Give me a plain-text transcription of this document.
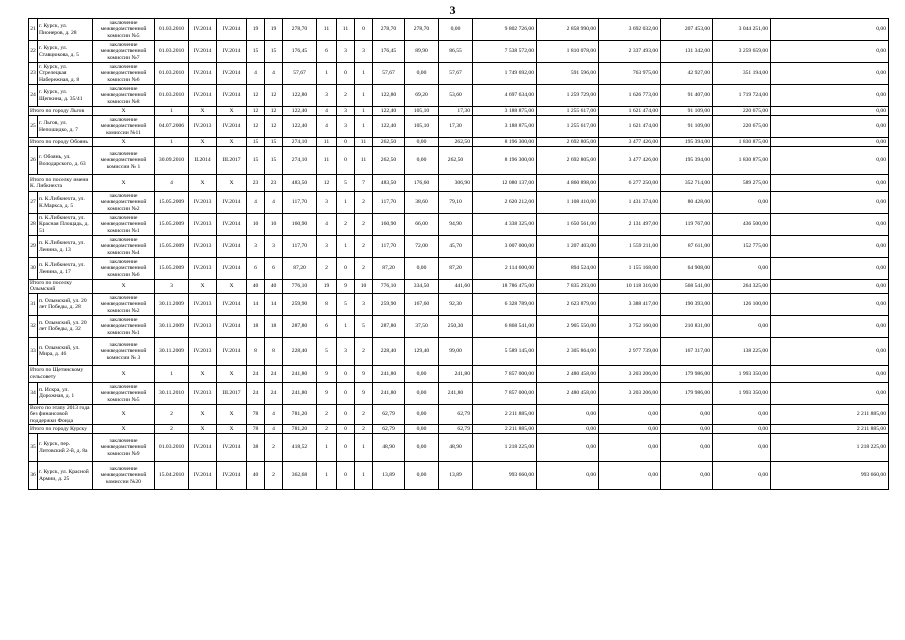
3
21	г. Курск, ул. Пионеров, д. 28	заключение межведомственной комиссии №5	01.03.2010	IV.2014	IV.2014	19	19	278,70	11	11	0	278,70	278,70	0,00	9 802 726,00	2 858 990,00	3 692 032,00	207 453,00	3 044 251,00	0,00
22	г. Курск, ул. Ставцюкова, д. 5	заключение межведомственной комиссии №7	01.03.2010	IV.2014	IV.2014	15	15	176,45	6	3	3	176,45	89,90	86,55	7 538 572,00	1 810 078,00	2 337 493,00	131 342,00	3 259 659,00	0,00
23	г. Курск, ул. Стрелецкая Набережная, д. 8	заключение межведомственной комиссии №6	01.03.2010	IV.2014	IV.2014	4	4	57,67	1	0	1	57,67	0,00	57,67	1 749 692,00	591 596,00	763 975,00	42 927,00	351 194,00	0,00
24	г. Курск, ул. Щепкина, д. 35/41	заключение межведомственной комиссии №8	01.03.2010	IV.2014	IV.2014	12	12	122,80	3	2	1	122,80	69,20	53,60	4 697 634,00	1 259 729,00	1 626 773,00	91 407,00	1 719 724,00	0,00
Итого по городу Льгов		X	1	X	X	12	12	122,40	4	3	1	122,40	105,10	17,30	3 188 875,00	1 255 617,00	1 621 474,00	91 109,00	220 675,00	0,00
25	г. Льгов, ул. Непошидко, д. 7	заключение межведомственной комиссии №11	04.07.2006	IV.2013	IV.2014	12	12	122,40	4	3	1	122,40	105,10	17,30	3 188 875,00	1 255 617,00	1 621 474,00	91 109,00	220 675,00	0,00
Итого по городу Обоянь		X	1	X	X	15	15	274,10	11	0	11	262,50	0,00	262,50	8 196 300,00	2 692 805,00	3 477 426,00	195 394,00	1 830 875,00	0,00
26	г. Обоянь, ул. Володарского, д. 63	заключение межведомственной комиссии № 1	30.09.2010	II.2014	III.2017	15	15	274,10	11	0	11	262,50	0,00	262,50	8 196 300,00	2 692 805,00	3 477 426,00	195 394,00	1 830 875,00	0,00
Итого по поселку имени К. Либкнехта		X	4	X	X	23	23	483,50	12	5	7	483,50	176,60	306,90	12 080 137,00	4 860 898,00	6 277 250,00	352 714,00	589 275,00	0,00
27	п. К.Либкнехта, ул. К.Маркса, д. 5	заключение межведомственной комиссии №2	15.05.2009	IV.2013	IV.2014	4	4	117,70	3	1	2	117,70	38,60	79,10	2 620 212,00	1 108 410,00	1 431 374,00	80 428,00	0,00	0,00
28	п. К.Либкнехта, ул. Красная Площадь, д. 51	заключение межведомственной комиссии №1	15.05.2009	IV.2013	IV.2014	10	10	160,90	4	2	2	160,90	66,00	94,90	4 338 325,00	1 650 561,00	2 131 497,00	119 767,00	436 500,00	0,00
29	п. К.Либкнехта, ул. Ленина, д. 13	заключение межведомственной комиссии №4	15.05.2009	IV.2013	IV.2014	3	3	117,70	3	1	2	117,70	72,00	45,70	3 007 000,00	1 207 403,00	1 559 211,00	87 611,00	152 775,00	0,00
30	п. К.Либкнехта, ул. Ленина, д. 17	заключение межведомственной комиссии №6	15.05.2009	IV.2013	IV.2014	6	6	87,20	2	0	2	87,20	0,00	87,20	2 114 600,00	894 524,00	1 155 168,00	64 908,00	0,00	0,00
Итого по поселку Олымский		X	3	X	X	40	40	776,10	19	9	10	776,10	334,50	441,60	18 786 475,00	7 835 293,00	10 118 316,00	568 541,00	264 325,00	0,00
31	п. Олымский, ул. 20 лет Победы, д. 28	заключение межведомственной комиссии №2	30.11.2009	IV.2013	IV.2014	14	14	259,90	8	5	3	259,90	167,60	92,30	6 328 789,00	2 623 879,00	3 388 417,00	190 393,00	126 100,00	0,00
32	п. Олымский, ул. 20 лет Победы, д. 32	заключение межведомственной комиссии №1	30.11.2009	IV.2013	IV.2014	18	18	287,80	6	1	5	287,80	37,50	250,30	6 868 541,00	2 905 550,00	3 752 160,00	210 831,00	0,00	0,00
33	п. Олымский, ул. Мира, д. 46	заключение межведомственной комиссии № 3	30.11.2009	IV.2013	IV.2014	8	8	228,40	5	3	2	228,40	129,40	99,00	5 589 145,00	2 305 864,00	2 977 739,00	167 317,00	138 225,00	0,00
Итого по Щетинскому сельсовету		X	1	X	X	24	24	241,80	9	0	9	241,80	0,00	241,80	7 857 000,00	2 480 458,00	3 203 206,00	179 986,00	1 993 350,00	0,00
34	п. Искра, ул. Дорожная, д. 1	заключение межведомственной комиссии №5	30.11.2010	IV.2013	III.2017	24	24	241,80	9	0	9	241,80	0,00	241,80	7 857 000,00	2 480 458,00	3 203 206,00	179 986,00	1 993 350,00	0,00
Всего по этапу 2013 года без финансовой поддержки Фонда		X	2	X	X	78	4	781,20	2	0	2	62,79	0,00	62,79	2 211 885,00	0,00	0,00	0,00	0,00	2 211 885,00
Итого по городу Курску		X	2	X	X	78	4	781,20	2	0	2	62,79	0,00	62,79	2 211 885,00	0,00	0,00	0,00	0,00	2 211 885,00
35	г. Курск, пер. Литовский 2-й, д. 8а	заключение межведомственной комиссии №9	01.03.2010	IV.2014	IV.2014	38	2	418,52	1	0	1	48,90	0,00	48,90	1 218 225,00	0,00	0,00	0,00	0,00	1 218 225,00
36	г. Курск, ул. Красной Армии, д. 25	заключение межведомственной комиссии №20	15.04.2010	IV.2014	IV.2014	40	2	362,68	1	0	1	13,89	0,00	13,89	993 660,00	0,00	0,00	0,00	0,00	993 660,00
